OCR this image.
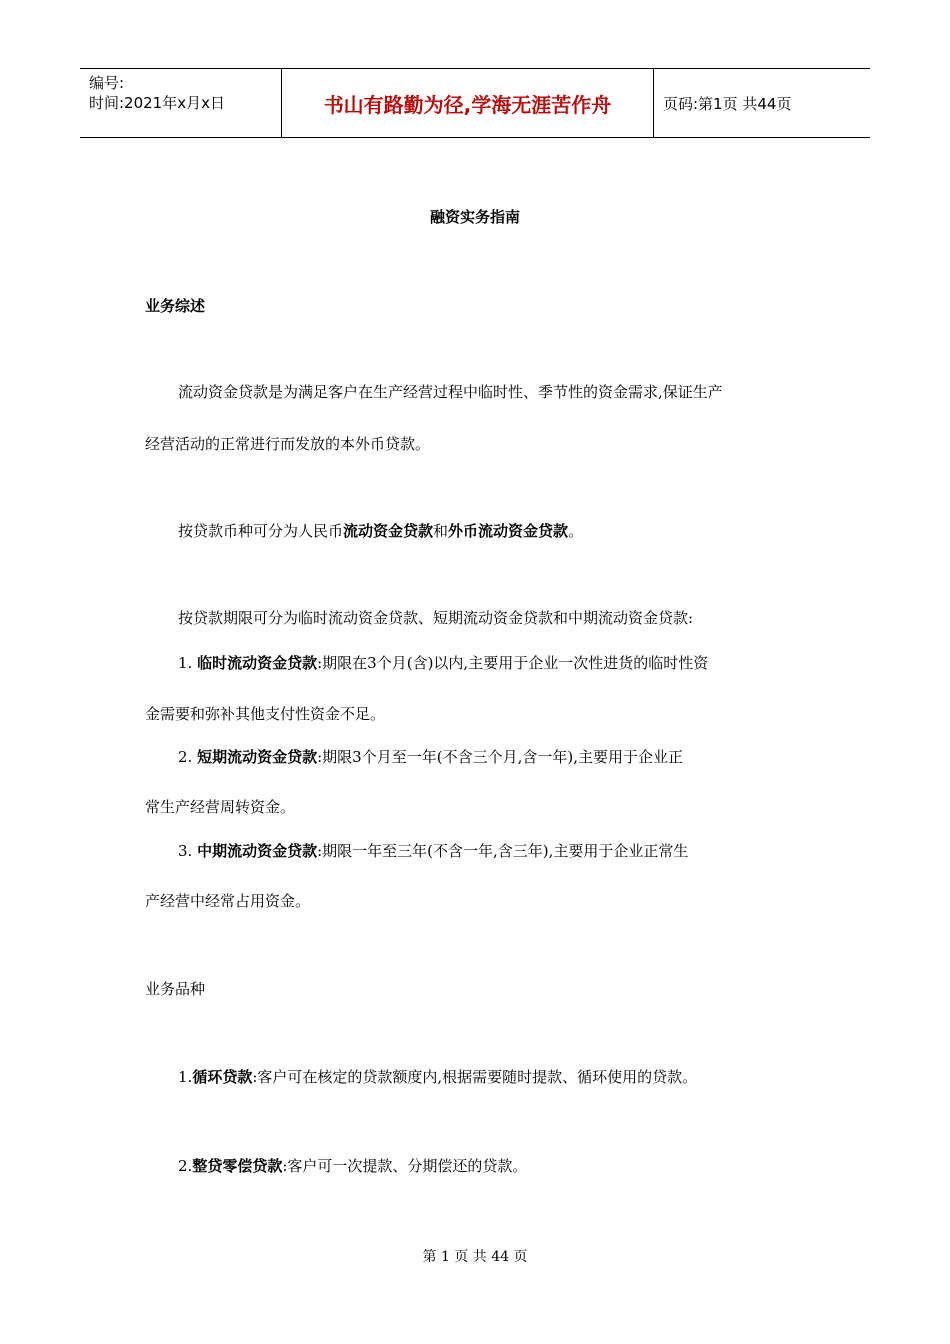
编号:
时间:2021年x月x日	书山有路勤为径,学海无涯苦作舟	页码:第1页 共44页
融资实务指南
业务综述
流动资金贷款是为满足客户在生产经营过程中临时性、季节性的资金需求,保证生产
经营活动的正常进行而发放的本外币贷款。
按贷款币种可分为人民币流动资金贷款和外币流动资金贷款。
按贷款期限可分为临时流动资金贷款、短期流动资金贷款和中期流动资金贷款:
1. 临时流动资金贷款:期限在3个月(含)以内,主要用于企业一次性进货的临时性资
金需要和弥补其他支付性资金不足。
2. 短期流动资金贷款:期限3个月至一年(不含三个月,含一年),主要用于企业正
常生产经营周转资金。
3. 中期流动资金贷款:期限一年至三年(不含一年,含三年),主要用于企业正常生
产经营中经常占用资金。
业务品种
1.循环贷款:客户可在核定的贷款额度内,根据需要随时提款、循环使用的贷款。
2.整贷零偿贷款:客户可一次提款、分期偿还的贷款。
第 1 页 共 44 页
